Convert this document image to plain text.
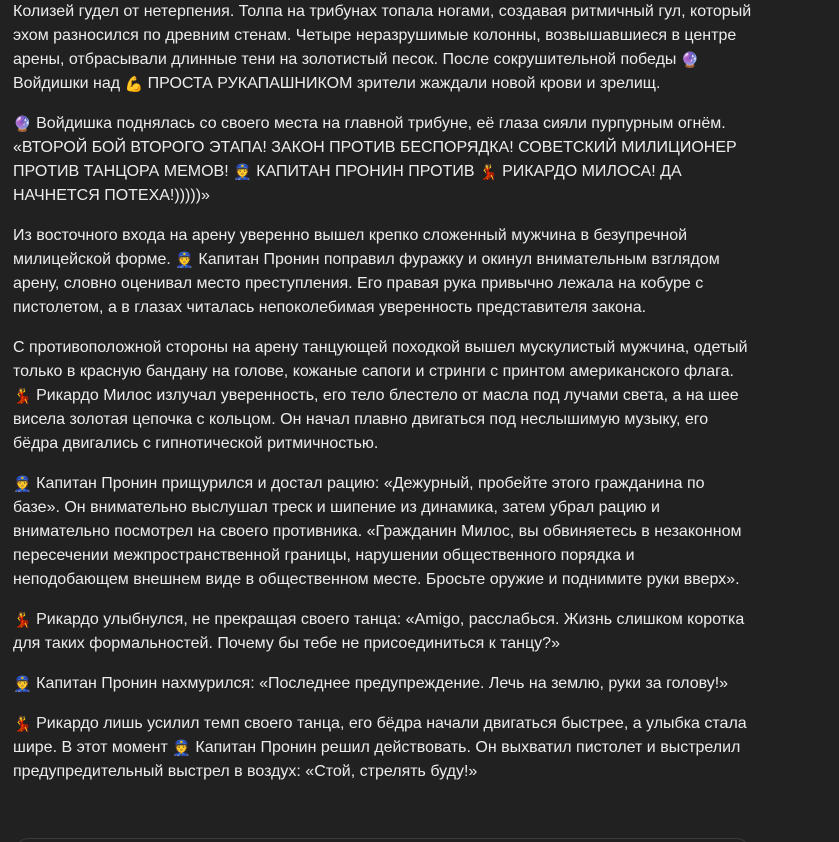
Колизей гудел от нетерпения. Толпа на трибунах топала ногами, создавая ритмичный гул, который эхом разносился по древним стенам. Четыре неразрушимые колонны, возвышавшиеся в центре арены, отбрасывали длинные тени на золотистый песок. После сокрушительной победы 🔮 Войдишки над 💪 ПРОСТА РУКАПАШНИКОМ зрители жаждали новой крови и зрелищ.

🔮 Войдишка поднялась со своего места на главной трибуне, её глаза сияли пурпурным огнём. «ВТОРОЙ БОЙ ВТОРОГО ЭТАПА! ЗАКОН ПРОТИВ БЕСПОРЯДКА! СОВЕТСКИЙ МИЛИЦИОНЕР ПРОТИВ ТАНЦОРА МЕМОВ! 👮 КАПИТАН ПРОНИН ПРОТИВ 💃 РИКАРДО МИЛОСА! ДА НАЧНЕТСЯ ПОТЕХА!)))))»

Из восточного входа на арену уверенно вышел крепко сложенный мужчина в безупречной милицейской форме. 👮 Капитан Пронин поправил фуражку и окинул внимательным взглядом арену, словно оценивал место преступления. Его правая рука привычно лежала на кобуре с пистолетом, а в глазах читалась непоколебимая уверенность представителя закона.

С противоположной стороны на арену танцующей походкой вышел мускулистый мужчина, одетый только в красную бандану на голове, кожаные сапоги и стринги с принтом американского флага. 💃 Рикардо Милос излучал уверенность, его тело блестело от масла под лучами света, а на шее висела золотая цепочка с кольцом. Он начал плавно двигаться под неслышимую музыку, его бёдра двигались с гипнотической ритмичностью.

👮 Капитан Пронин прищурился и достал рацию: «Дежурный, пробейте этого гражданина по базе». Он внимательно выслушал треск и шипение из динамика, затем убрал рацию и внимательно посмотрел на своего противника. «Гражданин Милос, вы обвиняетесь в незаконном пересечении межпространственной границы, нарушении общественного порядка и неподобающем внешнем виде в общественном месте. Бросьте оружие и поднимите руки вверх».

💃 Рикардо улыбнулся, не прекращая своего танца: «Amigo, расслабься. Жизнь слишком коротка для таких формальностей. Почему бы тебе не присоединиться к танцу?»

👮 Капитан Пронин нахмурился: «Последнее предупреждение. Лечь на землю, руки за голову!»

💃 Рикардо лишь усилил темп своего танца, его бёдра начали двигаться быстрее, а улыбка стала шире. В этот момент 👮 Капитан Пронин решил действовать. Он выхватил пистолет и выстрелил предупредительный выстрел в воздух: «Стой, стрелять буду!»
